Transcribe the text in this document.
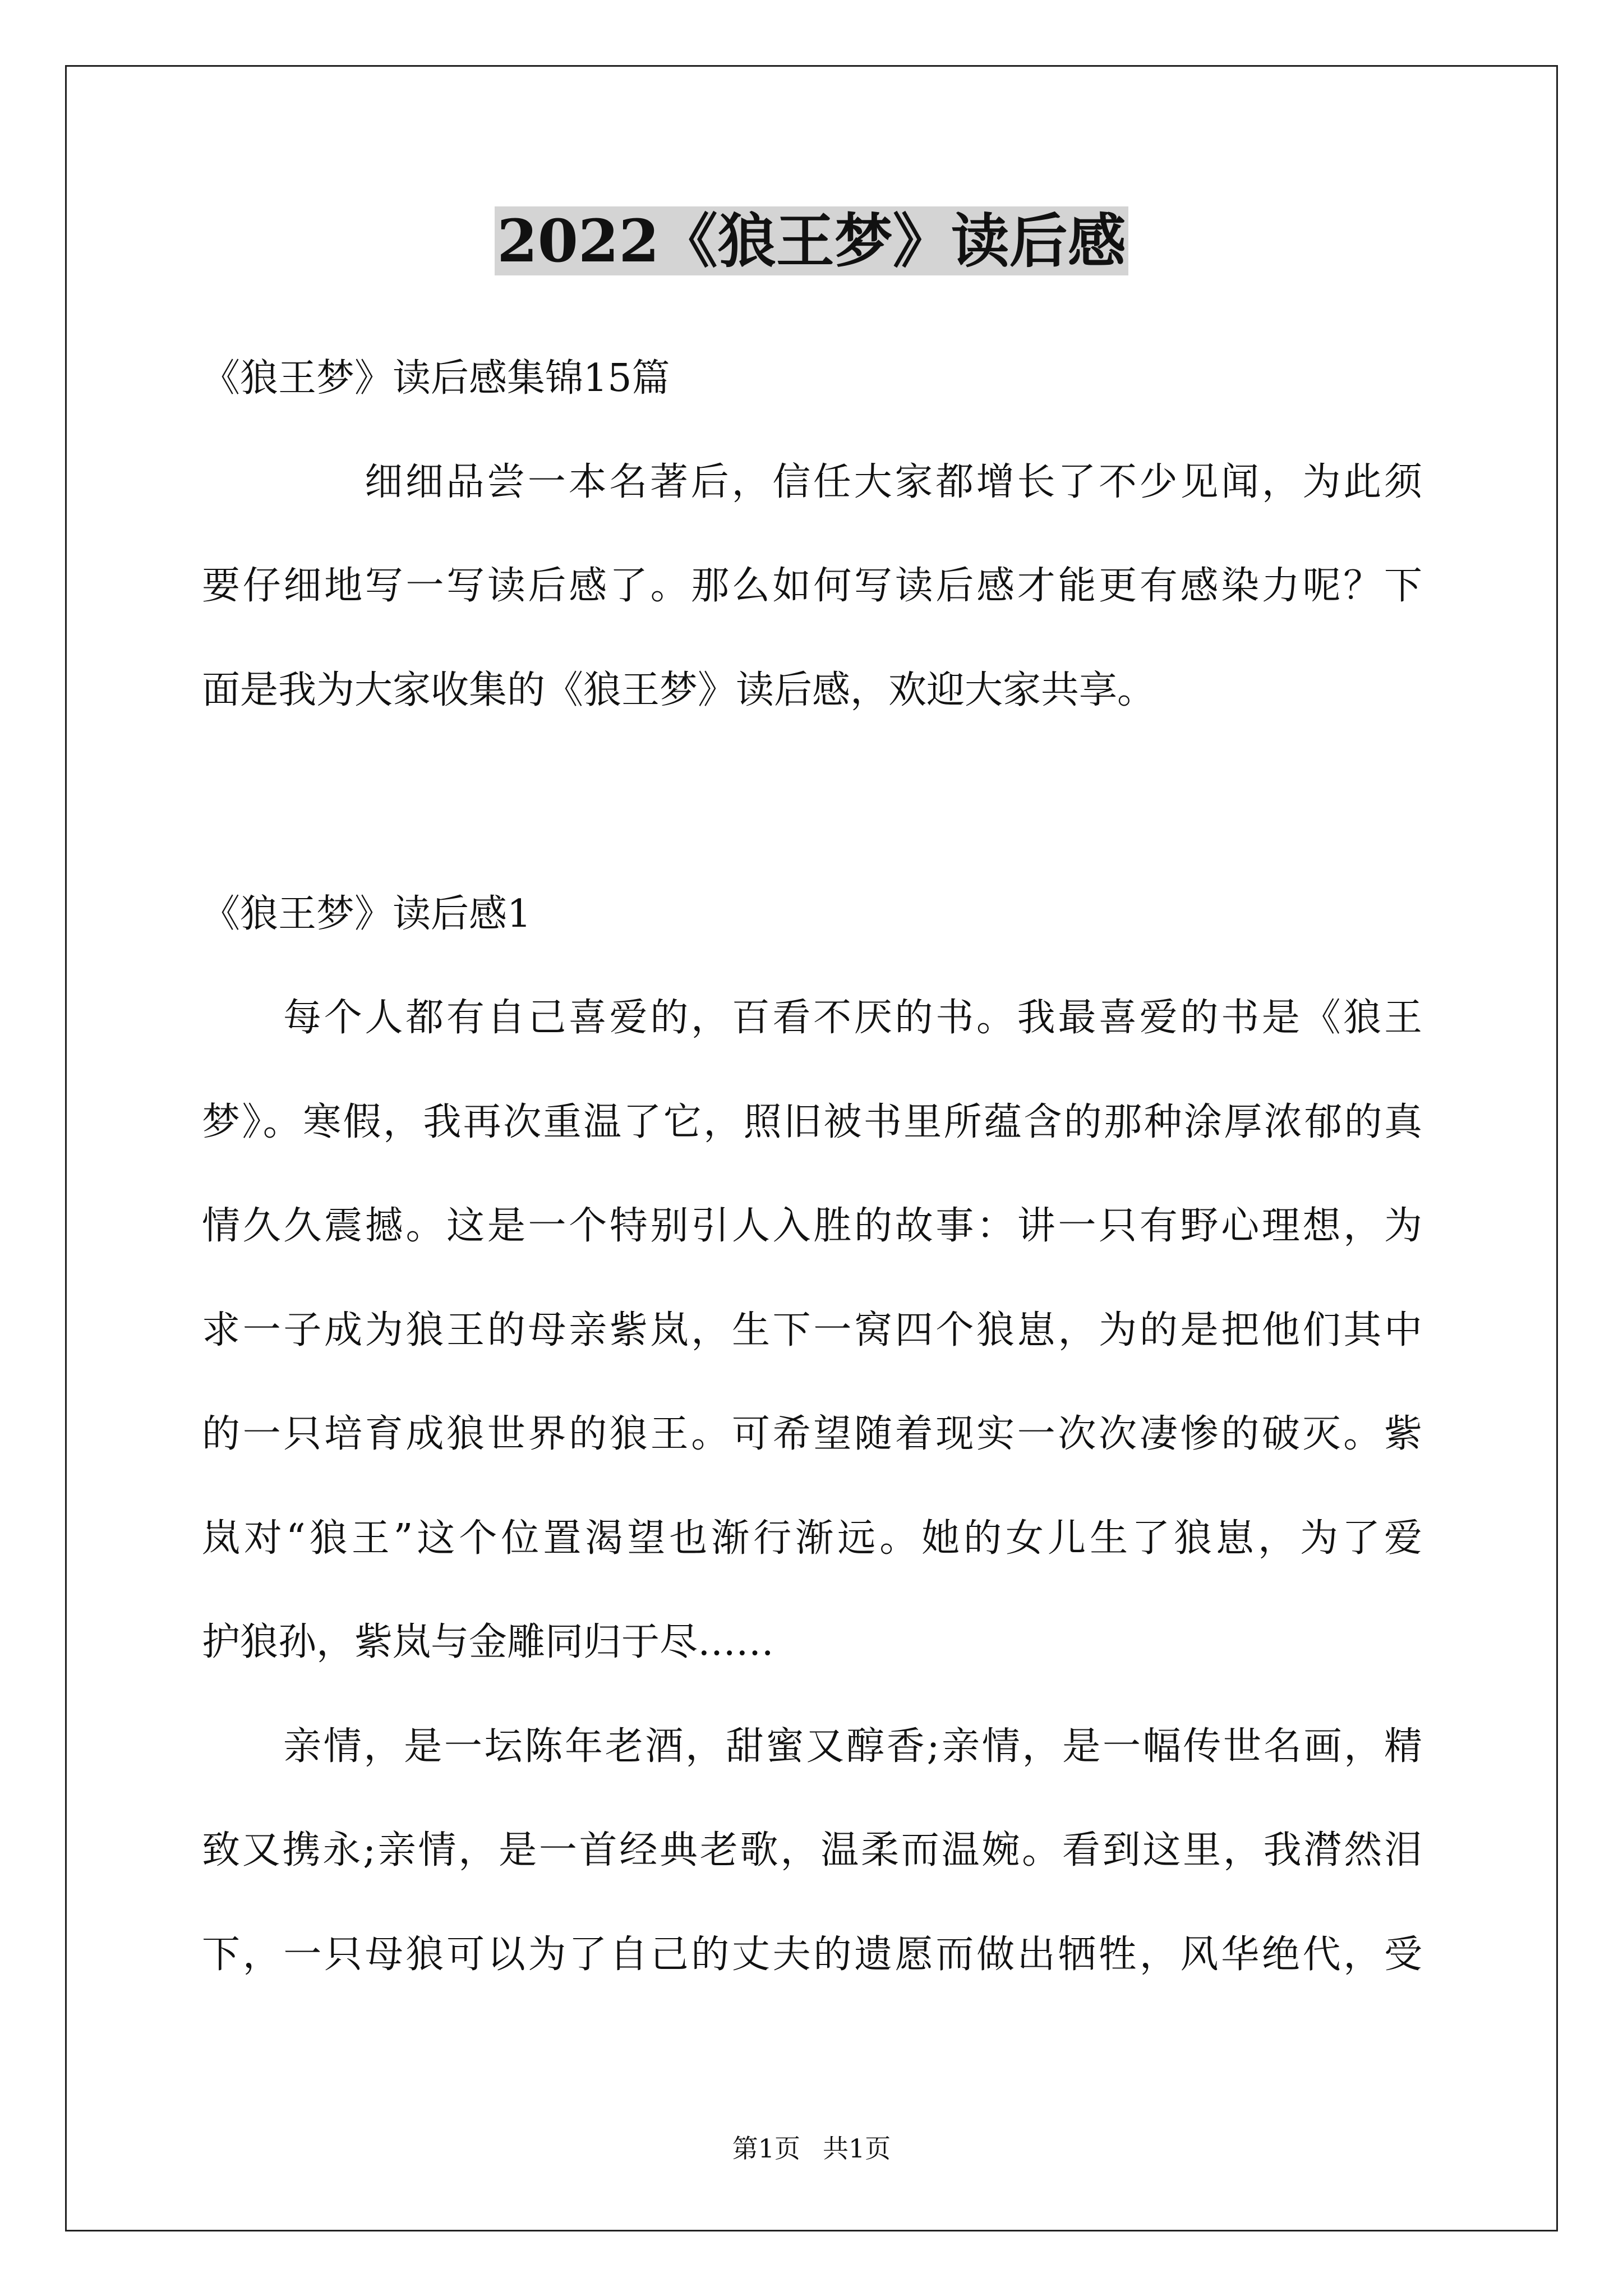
2022《狼王梦》读后感
《狼王梦》读后感集锦15篇
细细品尝一本名著后，信任大家都增长了不少见闻，为此须
要仔细地写一写读后感了。那么如何写读后感才能更有感染力呢？下
面是我为大家收集的《狼王梦》读后感，欢迎大家共享。
《狼王梦》读后感1
每个人都有自己喜爱的，百看不厌的书。我最喜爱的书是《狼王
梦》。寒假，我再次重温了它，照旧被书里所蕴含的那种涂厚浓郁的真
情久久震撼。这是一个特别引人入胜的故事：讲一只有野心理想，为
求一子成为狼王的母亲紫岚，生下一窝四个狼崽，为的是把他们其中
的一只培育成狼世界的狼王。可希望随着现实一次次凄惨的破灭。紫
岚对“狼王”这个位置渴望也渐行渐远。她的女儿生了狼崽，为了爱
护狼孙，紫岚与金雕同归于尽……
亲情，是一坛陈年老酒，甜蜜又醇香;亲情，是一幅传世名画，精
致又携永;亲情，是一首经典老歌，温柔而温婉。看到这里，我潸然泪
下，一只母狼可以为了自己的丈夫的遗愿而做出牺牲，风华绝代，受
第1页 共1页
